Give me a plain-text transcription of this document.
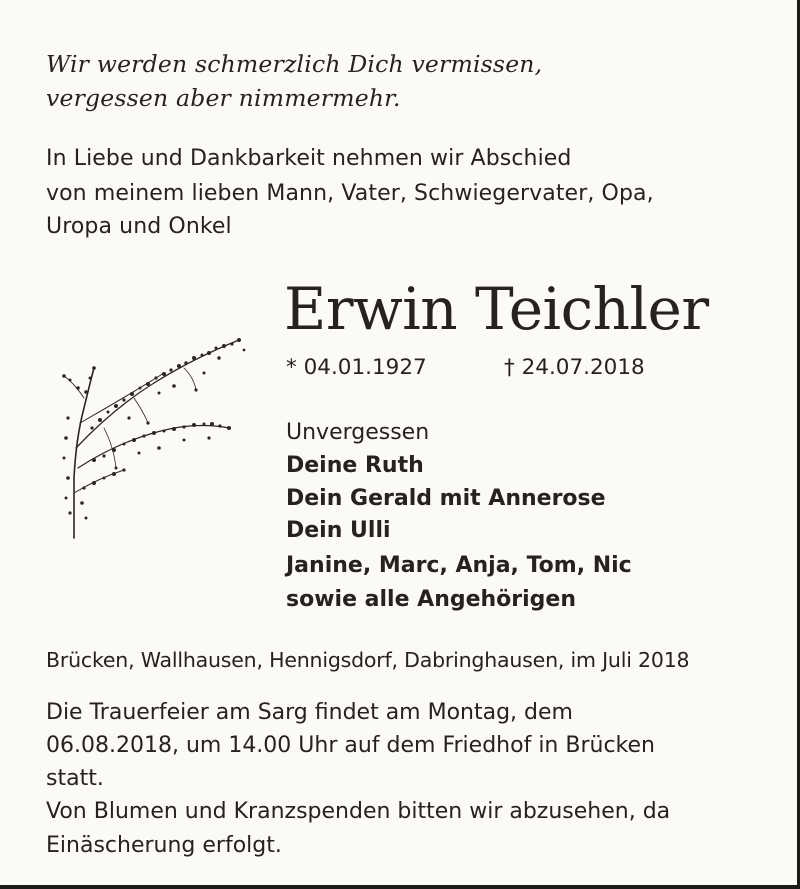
Wir werden schmerzlich Dich vermissen,

vergessen aber nimmermehr.

In Liebe und Dankbarkeit nehmen wir Abschied

von meinem lieben Mann, Vater, Schwiegervater, Opa,

Uropa und Onkel

Erwin Teichler

* 04.01.1927	† 24.07.2018

Unvergessen

Deine Ruth

Dein Gerald mit Annerose

Dein Ulli

Janine, Marc, Anja, Tom, Nic

sowie alle Angehörigen

Brücken, Wallhausen, Hennigsdorf, Dabringhausen, im Juli 2018

Die Trauerfeier am Sarg findet am Montag, dem

06.08.2018, um 14.00 Uhr auf dem Friedhof in Brücken

statt.

Von Blumen und Kranzspenden bitten wir abzusehen, da

Einäscherung erfolgt.
